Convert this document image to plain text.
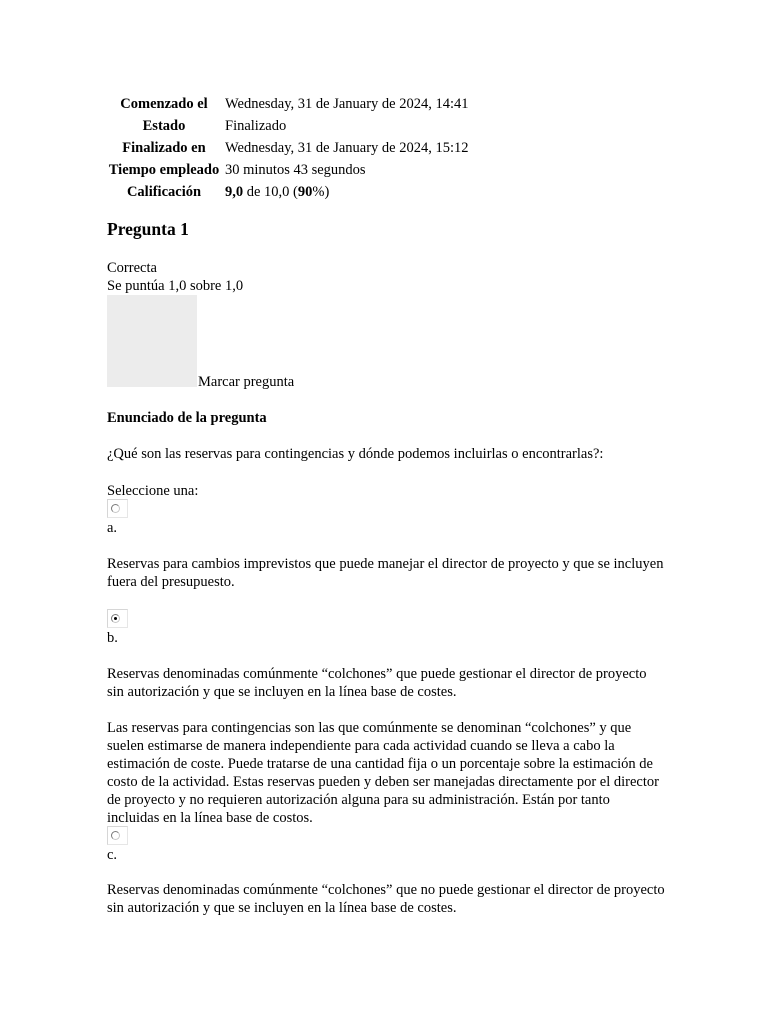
Comenzado el	Wednesday, 31 de January de 2024, 14:41
Estado	Finalizado
Finalizado en	Wednesday, 31 de January de 2024, 15:12
Tiempo empleado	30 minutos 43 segundos
Calificación	9,0 de 10,0 (90%)
Pregunta 1
Correcta
Se puntúa 1,0 sobre 1,0
Marcar pregunta
Enunciado de la pregunta
¿Qué son las reservas para contingencias y dónde podemos incluirlas o encontrarlas?:
Seleccione una:
a.
Reservas para cambios imprevistos que puede manejar el director de proyecto y que se incluyen fuera del presupuesto.
b.
Reservas denominadas comúnmente “colchones” que puede gestionar el director de proyecto sin autorización y que se incluyen en la línea base de costes.
Las reservas para contingencias son las que comúnmente se denominan “colchones” y que suelen estimarse de manera independiente para cada actividad cuando se lleva a cabo la estimación de coste. Puede tratarse de una cantidad fija o un porcentaje sobre la estimación de costo de la actividad. Estas reservas pueden y deben ser manejadas directamente por el director de proyecto y no requieren autorización alguna para su administración. Están por tanto incluidas en la línea base de costos.
c.
Reservas denominadas comúnmente “colchones” que no puede gestionar el director de proyecto sin autorización y que se incluyen en la línea base de costes.
